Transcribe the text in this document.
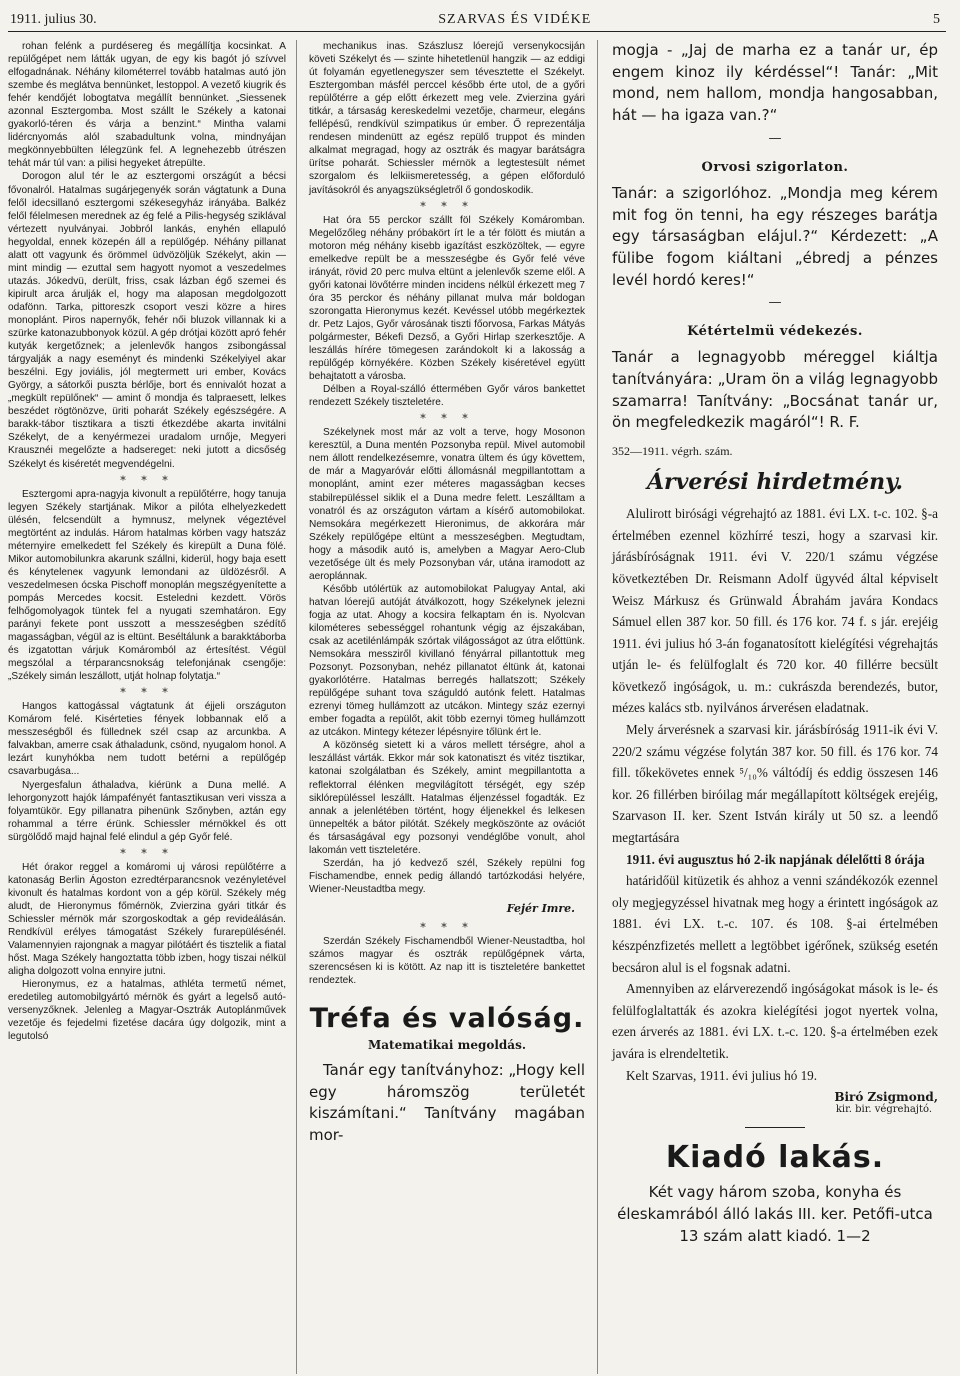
1911. julius 30.	SZARVAS ÉS VIDÉKE	5

rohan felénk a purdésereg és megállítja kocsinkat. A repülőgépet nem látták ugyan, de egy kis bagót jó szívvel elfogadnának. Néhány kilométerrel tovább hatalmas autó jön szembe és meglátva bennünket, lestoppol. A vezető kiugrik és fehér kendőjét lobogtatva megállít bennünket. „Siessenek azonnal Esztergomba. Most szállt le Székely a katonai gyakorló-téren és várja a benzint.“ Mintha valami lidércnyomás alól szabadultunk volna, mindnyájan megkönnyebbülten lélegzünk fel. A legnehezebb útrészen tehát már túl van: a pilisi hegyeket átrepülte.

Dorogon alul tér le az esztergomi országút a bécsi fővonalról. Hatalmas sugárjegenyék során vágtatunk a Duna felől idecsillanó esztergomi székesegyház irányába. Balkéz felől félelmesen merednek az ég felé a Pilis-hegység sziklával vértezett nyulványai. Jobbról lankás, enyhén ellapuló hegyoldal, ennek közepén áll a repülőgép. Néhány pillanat alatt ott vagyunk és örömmel üdvözöljük Székelyt, akin — mint mindig — ezuttal sem hagyott nyomot a veszedelmes utazás. Jókedvü, derült, friss, csak lázban égő szemei és kipirult arca árulják el, hogy ma alaposan megdolgozott odafönn. Tarka, pittoreszk csoport veszi közre a hires monoplánt. Piros napernyők, fehér női bluzok villannak ki a szürke katonazubbonyok közül. A gép drótjai között apró fehér kutyák kergetőznek; a jelenlevők hangos zsibongással tárgyalják a nagy eseményt és mindenki Székelyiyel akar beszélni. Egy joviális, jól megtermett uri ember, Kovács György, a sátorkői puszta bérlője, bort és ennivalót hozat a „megkült repülőnek“ — amint ő mondja és talpraesett, lelkes beszédet rögtönözve, üriti poharát Székely egészségére. A barakk-tábor tisztikara a tiszti étkezdébe akarta invitálni Székelyt, de a kenyérmezei uradalom urnője, Megyeri Krausznéi megelőzte a hadsereget: neki jutott a dicsőség Székelyt és kiséretét megvendégelni.

* * *

Esztergomi apra-nagyja kivonult a repülőtérre, hogy tanuja legyen Székely startjának. Mikor a pilóta elhelyezkedett ülésén, felcsendült a hymnusz, melynek végeztével megtörtént az indulás. Három hatalmas körben vagy hatszáz méternyire emelkedett fel Székely és kirepült a Duna fölé. Mikor automobilunkra akarunk szállni, kiderül, hogy baja esett és kényteleneк vagyunk lemondani az üldözésről. A veszedelmesen ócska Pischoff monoplán megszégyenítette a pompás Mercedes kocsit. Esteledni kezdett. Vörös felhőgomolyagok tüntek fel a nyugati szemhatáron. Egy parányi fekete pont usszott a messzeségben szédítő magasságban, végül az is eltünt. Beséltálunk a barakktáborba és izgatottan várjuk Komáromból az értesítést. Végül megszólal a térparancsnokság telefonjának csengője: „Székely simán leszállott, utját holnap folytatja.“

* * *

Hangos kattogással vágtatunk át éjjeli országuton Komárom felé. Kisérteties fények lobbannak elő a messzeségből és füllednek szél csap az arcunkba. A falvakban, amerre csak áthaladunk, csönd, nyugalom honol. A lezárt kunyhókba nem tudott betérni a repülőgép csavarbugása...

Nyergesfalun áthaladva, kiérünk a Duna mellé. A lehorgonyzott hajók lámpafényét fantasztikusan veri vissza a folyamtükör. Egy pillanatra pihenünk Szőnyben, aztán egy rohammal a térre érünk. Schiessler mérnökkel és ott sürgölődő majd hajnal felé elindul a gép Győr felé.

* * *

Hét órakor reggel a komáromi uj városi repülőtérre a katonaság Berlin Ágoston ezredtérparancsnok vezényletével kivonult és hatalmas kordont von a gép körül. Székely még aludt, de Hieronymus főmérnök, Zvierzina gyári titkár és Schiessler mérnök már szorgoskodtak a gép revideálásán. Rendkívül erélyes támogatást Székely furarepülésénél. Valamennyien rajongnak a magyar pilótáért és tisztelik a fiatal hőst. Maga Székely hangoztatta több izben, hogy tiszai nélkül aligha dolgozott volna ennyire jutni.

Hieronymus, ez a hatalmas, athléta termetű német, eredetileg automobilgyártó mérnök és gyárt a legelső autó-versenyzőknek. Jelenleg a Magyar-Osztrák Autoplánművek vezetője és fejedelmi fizetése dacára úgy dolgozik, mint a legutolsó

mechanikus inas. Szászlusz lóerejű versenykocsiján követi Székelyt és — szinte hihetetlenül hangzik — az eddigi út folyamán egyetlenegyszer sem tévesztette el Székelyt. Esztergomban másfél perccel később érte utol, de a győri repülőtérre a gép előtt érkezett meg vele. Zvierzina gyári titkár, a társaság kereskedelmi vezetője, charmeur, elegáns fellépésű, rendkívül szimpatikus úr ember. Ő reprezentálja rendesen mindenütt az egész repülő truppot és minden alkalmat megragad, hogy az osztrák és magyar barátságra ürítse poharát. Schiessler mérnök a legtestesült német szorgalom és lelkiismeretesség, a gépen előforduló javításokról és anyagszükségletről ő gondoskodik.

* * *

Hat óra 55 perckor szállt föl Székely Komáromban. Megelőzőleg néhány próbakört írt le a tér fölött és miután a motoron még néhány kisebb igazítást eszközöltek, — egyre emelkedve repült be a messzeségbe és Győr felé véve irányát, rövid 20 perc mulva eltünt a jelenlevők szeme elől. A győri katonai lövőtérre minden incidens nélkül érkezett meg 7 óra 35 perckor és néhány pillanat mulva már boldogan szorongatta Hieronymus kezét. Kevéssel utóbb megérkeztek dr. Petz Lajos, Győr városának tiszti főorvosa, Farkas Mátyás polgármester, Békefi Dezső, a Győri Hirlap szerkesztője. A leszállás hírére tömegesen zarándokolt ki a lakosság a repülőgép környékére. Közben Székely kiséretével együtt behajtatott a városba.

Délben a Royal-szálló éttermében Győr város bankettet rendezett Székely tiszteletére.

* * *

Székelynek most már az volt a terve, hogy Mosonon keresztül, a Duna mentén Pozsonyba repül. Mivel automobil nem állott rendelkezésemre, vonatra ültem és úgy követtem, de már a Magyaróvár előtti állomásnál megpillantottam a monoplánt, amint ezer méteres magasságban kecses stabilrepüléssel siklik el a Duna medre felett. Leszálltam a vonatról és az országuton vártam a kísérő automobilokat. Nemsokára megérkezett Hieronimus, de akkorára már Székely repülőgépe eltünt a messzeségben. Megtudtam, hogy a második autó is, amelyben a Magyar Aero-Club vezetősége ült és mely Pozsonyban vár, utána iramodott az aeroplánnak.

Később utólértük az automobilokat Palugyay Antal, aki hatvan lóerejű autóját átválkozott, hogy Székelynek jelezni fogja az utat. Ahogy a kocsira felkaptam én is. Nyolcvan kilométeres sebességgel rohantunk végig az éjszakában, csak az acetilénlámpák szórtak világosságot az útra előttünk. Nemsokára messziről kivillanó fényárral pillantottuk meg Pozsonyt. Pozsonyban, nehéz pillanatot éltünk át, katonai gyakorlótérre. Hatalmas berregés hallatszott; Székely repülőgépe suhant tova száguldó autónk felett. Hatalmas ezrenyi tömeg hullámzott az utcákon. Mintegy száz ezernyi ember fogadta a repülőt, akit több ezernyi tömeg hullámzott az utcákon. Mintegy kétezer lépésnyire tőlünk ért le.

A közönség sietett ki a város mellett térségre, ahol a leszállást várták. Ekkor már sok katonatiszt és vitéz tisztikar, katonai szolgálatban és Székely, amint megpillantotta a reflektorral élénken megvilágított térségét, egy szép siklórepüléssel leszállt. Hatalmas éljenzéssel fogadták. Ez annak a jelenlétében történt, hogy éljenekkel és lelkesen ünnepelték a bátor pilótát. Székely megköszönte az ovációt és társaságával egy pozsonyi vendéglőbe vonult, ahol lakomán vett tiszteletére.

Szerdán, ha jó kedvező szél, Székely repülni fog Fischamendbe, ennek pedig állandó tartózkodási helyére, Wiener-Neustadtba megy.

Fejér Imre.
* * *

Szerdán Székely Fischamendből Wiener-Neustadtba, hol számos magyar és osztrák repülőgépnek várta, szerencsésen ki is kötött. Az nap itt is tiszteletére bankettet rendeztek.

Tréfa és valóság.
Matematikai megoldás.

Tanár egy tanítványhoz: „Hogy kell egy háromszög területét kiszámítani.“ Tanítvány magában mor-

mogja - „Jaj de marha ez a tanár ur, ép engem kinoz ily kérdéssel“! Tanár: „Mit mond, nem hallom, mondja hangosabban, hát — ha igaza van.?“

—
Orvosi szigorlaton.

Tanár: a szigorlóhoz. „Mondja meg kérem mit fog ön tenni, ha egy részeges barátja egy társaságban elájul.?“ Kérdezett: „A fülibe fogom kiáltani „ébredj a pénzes levél hordó keres!“

—
Kétértelmü védekezés.

Tanár a legnagyobb méreggel kiáltja tanítványára: „Uram ön a világ legnagyobb szamarra! Tanítvány: „Bocsánat tanár ur, ön megfeledkezik magáról“! R. F.

352—1911. végrh. szám.
Árverési hirdetmény.

Alulirott birósági végrehajtó az 1881. évi LX. t-c. 102. §-a értelmében ezennel közhírré teszi, hogy a szarvasi kir. járásbíróságnak 1911. évi V. 220/1 számu végzése következtében Dr. Reismann Adolf ügyvéd által képviselt Weisz Márkusz és Grünwald Ábrahám javára Kondacs Sámuel ellen 387 kor. 50 fill. és 176 kor. 74 f. s jár. erejéig 1911. évi julius hó 3-án foganatosított kielégítési végrehajtás utján le- és felülfoglalt és 720 kor. 40 fillérre becsült következő ingóságok, u. m.: cukrászda berendezés, butor, mézes kalács stb. nyilvános árverésen eladatnak.

Mely árverésnek a szarvasi kir. járásbíróság 1911-ik évi V. 220/2 számu végzése folytán 387 kor. 50 fill. és 176 kor. 74 fill. tőkekövetes ennek ⁵/₁₀% váltódíj és eddig összesen 146 kor. 26 fillérben biróilag már megállapított költségek erejéig, Szarvason II. ker. Szent István király ut 50 sz. a leendő megtartására

1911. évi augusztus hó 2-ik napjának délelőtti 8 órája

határidőül kitüzetik és ahhoz a venni szándékozók ezennel oly megjegyzéssel hivatnak meg hogy a érintett ingóságok az 1881. évi LX. t.-c. 107. és 108. §-ai értelmében készpénzfizetés mellett a legtöbbet igérőnek, szükség esetén becsáron alul is el fogsnak adatni.

Amennyiben az elárverezendő ingóságokat mások is le- és felülfoglaltatták és azokra kielégítési jogot nyertek volna, ezen árverés az 1881. évi LX. t.-c. 120. §-a értelmében ezek javára is elrendeltetik.

Kelt Szarvas, 1911. évi julius hó 19.

Biró Zsigmond,
kir. bir. végrehajtó.
Kiadó lakás.
Két vagy három szoba, konyha és éleskamrából álló lakás III. ker. Petőfi-utca 13 szám alatt kiadó. 1—2
